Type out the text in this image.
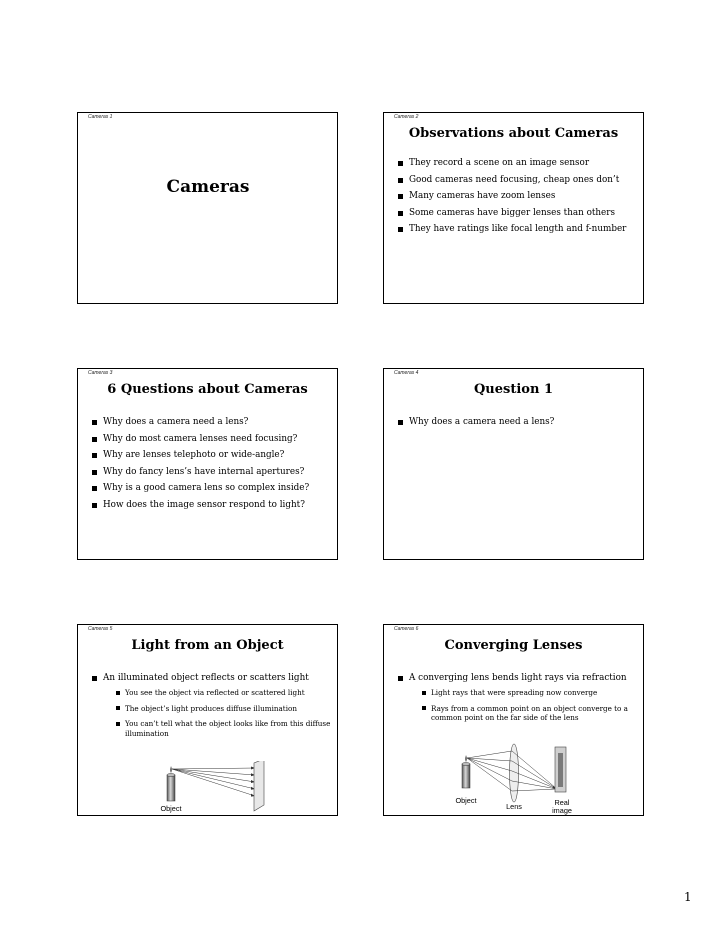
Cameras 1
Cameras
Cameras 2
Observations about Cameras
They record a scene on an image sensor
Good cameras need focusing, cheap ones don’t
Many cameras have zoom lenses
Some cameras have bigger lenses than others
They have ratings like focal length and f-number
Cameras 3
6 Questions about Cameras
Why does a camera need a lens?
Why do most camera lenses need focusing?
Why are lenses telephoto or wide-angle?
Why do fancy lens’s have internal apertures?
Why is a good camera lens so complex inside?
How does the image sensor respond to light?
Cameras 4
Question 1
Why does a camera need a lens?
Cameras 5
Light from an Object
An illuminated object reflects or scatters light
You see the object via reflected or scattered light
The object’s light produces diffuse illumination
You can’t tell what the object looks like from this diffuse illumination
Object
Cameras 6
Converging Lenses
A converging lens bends light rays via refraction
Light rays that were spreading now converge
Rays from a common point on an object converge to a common point on the far side of the lens
Object
Lens	Real image
1
